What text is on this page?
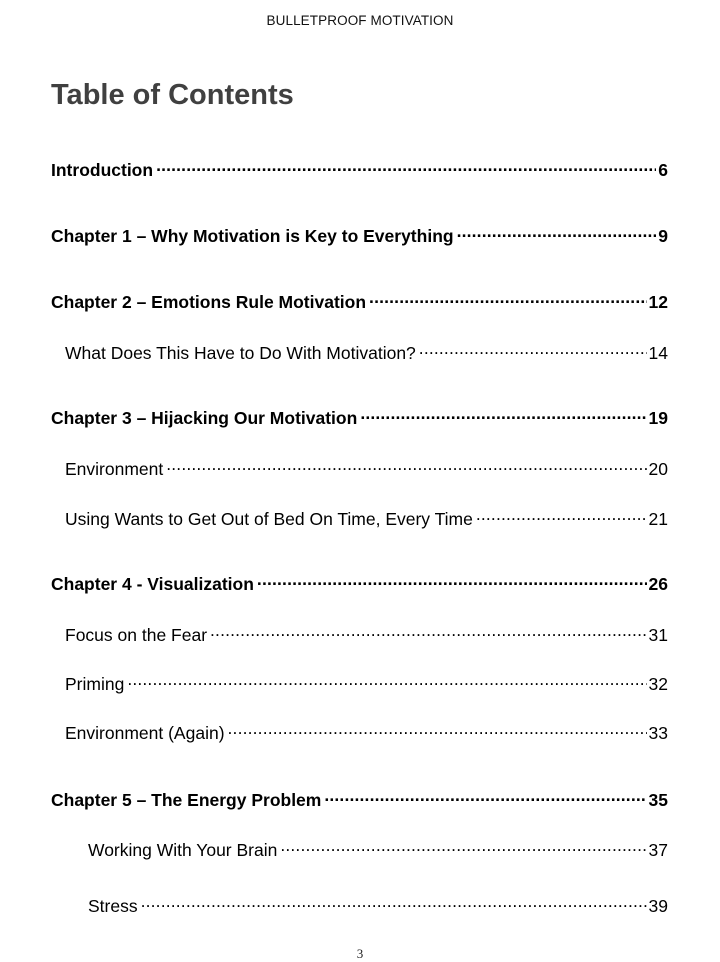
BULLETPROOF MOTIVATION
Table of Contents
Introduction . . .	6
Chapter 1 – Why Motivation is Key to Everything . . .	9
Chapter 2 – Emotions Rule Motivation . . .	12
What Does This Have to Do With Motivation? . . .	14
Chapter 3 – Hijacking Our Motivation . . .	19
Environment . . .	20
Using Wants to Get Out of Bed On Time, Every Time . . .	21
Chapter 4 - Visualization . . .	26
Focus on the Fear . . .	31
Priming . . .	32
Environment (Again) . . .	33
Chapter 5 – The Energy Problem . . .	35
Working With Your Brain . . .	37
Stress . . .	39
3
